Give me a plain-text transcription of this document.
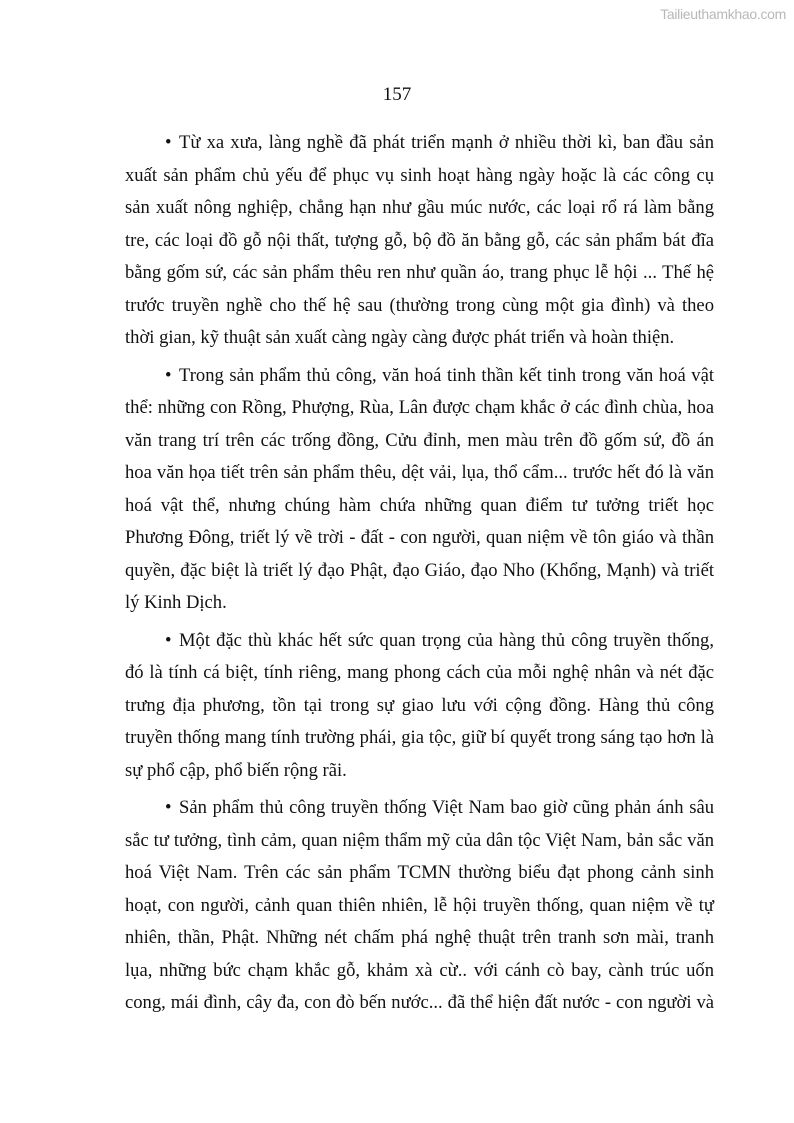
Tailieuthamkhao.com
157
• Từ xa xưa, làng nghề đã phát triển mạnh ở nhiều thời kì, ban đầu sản
xuất sản phẩm chủ yếu để phục vụ sinh hoạt hàng ngày hoặc là các công cụ
sản xuất nông nghiệp, chẳng hạn như gầu múc nước, các loại rổ rá làm bằng
tre, các loại đồ gỗ nội thất, tượng gỗ, bộ đồ ăn bằng gỗ, các sản phẩm bát đĩa
bằng gốm sứ, các sản phẩm thêu ren như quần áo, trang phục lễ hội ... Thế hệ
trước truyền nghề cho thế hệ sau (thường trong cùng một gia đình) và theo
thời gian, kỹ thuật sản xuất càng ngày càng được phát triển và hoàn thiện.
• Trong sản phẩm thủ công, văn hoá tinh thần kết tinh trong văn hoá vật
thể: những con Rồng, Phượng, Rùa, Lân được chạm khắc ở các đình chùa, hoa
văn trang trí trên các trống đồng, Cửu đỉnh, men màu trên đồ gốm sứ, đồ án
hoa văn họa tiết trên sản phẩm thêu, dệt vải, lụa, thổ cẩm... trước hết đó là văn
hoá vật thể, nhưng chúng hàm chứa những quan điểm tư tưởng triết học
Phương Đông, triết lý về trời - đất - con người, quan niệm về tôn giáo và thần
quyền, đặc biệt là triết lý đạo Phật, đạo Giáo, đạo Nho (Khổng, Mạnh) và triết
lý Kinh Dịch.
• Một đặc thù khác hết sức quan trọng của hàng thủ công truyền thống,
đó là tính cá biệt, tính riêng, mang phong cách của mỗi nghệ nhân và nét đặc
trưng địa phương, tồn tại trong sự giao lưu với cộng đồng. Hàng thủ công
truyền thống mang tính trường phái, gia tộc, giữ bí quyết trong sáng tạo hơn là
sự phổ cập, phổ biến rộng rãi.
• Sản phẩm thủ công truyền thống Việt Nam bao giờ cũng phản ánh sâu
sắc tư tưởng, tình cảm, quan niệm thẩm mỹ của dân tộc Việt Nam, bản sắc văn
hoá Việt Nam. Trên các sản phẩm TCMN thường biểu đạt phong cảnh sinh
hoạt, con người, cảnh quan thiên nhiên, lễ hội truyền thống, quan niệm về tự
nhiên, thần, Phật. Những nét chấm phá nghệ thuật trên tranh sơn mài, tranh
lụa, những bức chạm khắc gỗ, khảm xà cừ.. với cánh cò bay, cành trúc uốn
cong, mái đình, cây đa, con đò bến nước... đã thể hiện đất nước - con người và
